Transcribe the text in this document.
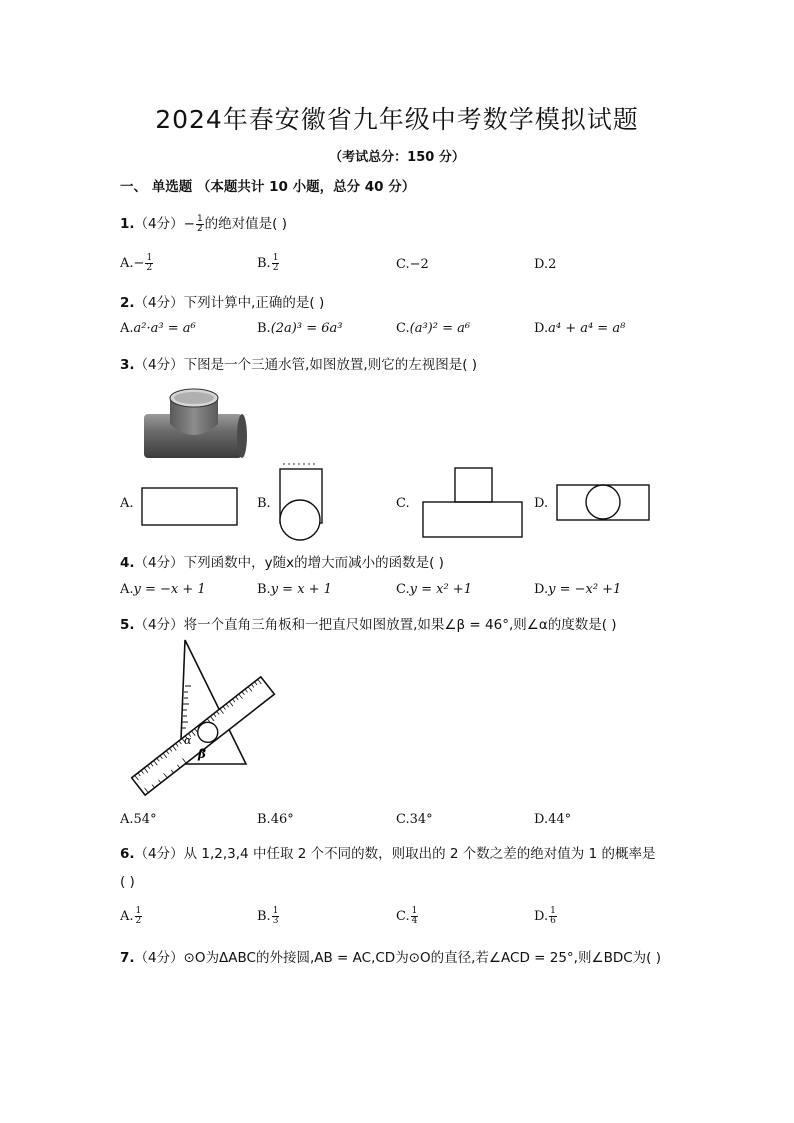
2024年春安徽省九年级中考数学模拟试题
（考试总分：150 分）
一、 单选题 （本题共计 10 小题，总分 40 分）
1.（4分）− $\frac{1}{2}$ 的绝对值是( )
$A.- \frac{1}{2}$	B. $\frac{1}{2}$	C.−2	D.2
2.（4分）下列计算中,正确的是( )
A.a²·a³ = a⁶	B.(2a)³ = 6a³	C.(a³)² = a⁶	D.a⁴ + a⁴ = a⁸
3.（4分）下图是一个三通水管,如图放置,则它的左视图是( )
A.	B.	C.	D.
4.（4分）下列函数中，y随x的增大而减小的函数是( )
A.y = −x + 1	B.y = x + 1	C.y = x² +1	D.y = −x² +1
5.（4分）将一个直角三角板和一把直尺如图放置,如果∠β = 46°,则∠α的度数是( )
α
β
A.54°	B.46°	C.34°	D.44°
6.（4分）从 1,2,3,4 中任取 2 个不同的数，则取出的 2 个数之差的绝对值为 1 的概率是
( )
A. $\frac{1}{2}$	B. $\frac{1}{3}$	C. $\frac{1}{4}$	D. $\frac{1}{6}$
7.（4分）⊙O为ΔABC的外接圆,AB = AC,CD为⊙O的直径,若∠ACD = 25°,则∠BDC为( )
